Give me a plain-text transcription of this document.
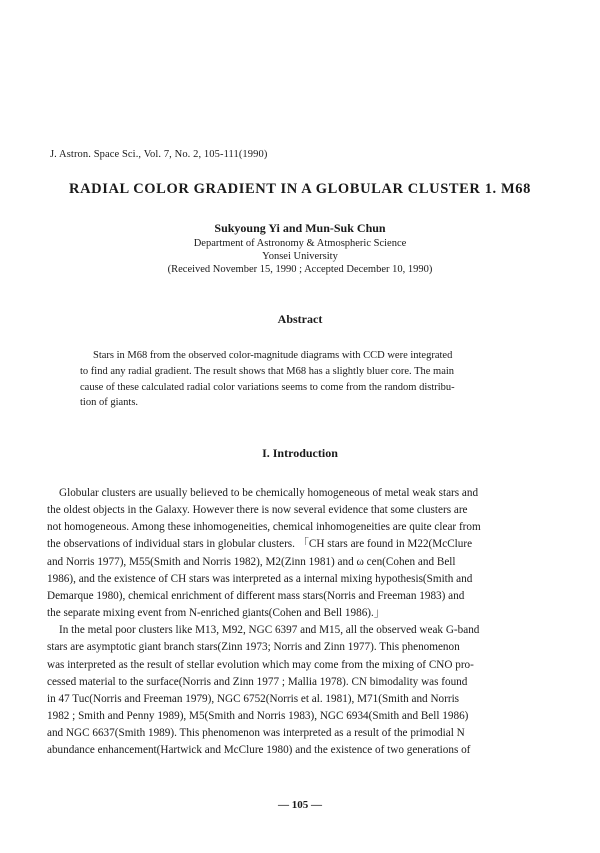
J. Astron. Space Sci., Vol. 7, No. 2, 105-111(1990)
RADIAL COLOR GRADIENT IN A GLOBULAR CLUSTER 1. M68
Sukyoung Yi and Mun-Suk Chun
Department of Astronomy & Atmospheric Science
Yonsei University
(Received November 15, 1990 ; Accepted December 10, 1990)
Abstract
Stars in M68 from the observed color-magnitude diagrams with CCD were integrated
to find any radial gradient. The result shows that M68 has a slightly bluer core. The main
cause of these calculated radial color variations seems to come from the random distribu-
tion of giants.
I. Introduction
Globular clusters are usually believed to be chemically homogeneous of metal weak stars and
the oldest objects in the Galaxy. However there is now several evidence that some clusters are
not homogeneous. Among these inhomogeneities, chemical inhomogeneities are quite clear from
the observations of individual stars in globular clusters. 「CH stars are found in M22(McClure
and Norris 1977), M55(Smith and Norris 1982), M2(Zinn 1981) and ω cen(Cohen and Bell
1986), and the existence of CH stars was interpreted as a internal mixing hypothesis(Smith and
Demarque 1980), chemical enrichment of different mass stars(Norris and Freeman 1983) and
the separate mixing event from N-enriched giants(Cohen and Bell 1986).」
In the metal poor clusters like M13, M92, NGC 6397 and M15, all the observed weak G-band
stars are asymptotic giant branch stars(Zinn 1973; Norris and Zinn 1977). This phenomenon
was interpreted as the result of stellar evolution which may come from the mixing of CNO pro-
cessed material to the surface(Norris and Zinn 1977 ; Mallia 1978). CN bimodality was found
in 47 Tuc(Norris and Freeman 1979), NGC 6752(Norris et al. 1981), M71(Smith and Norris
1982 ; Smith and Penny 1989), M5(Smith and Norris 1983), NGC 6934(Smith and Bell 1986)
and NGC 6637(Smith 1989). This phenomenon was interpreted as a result of the primodial N
abundance enhancement(Hartwick and McClure 1980) and the existence of two generations of
— 105 —
